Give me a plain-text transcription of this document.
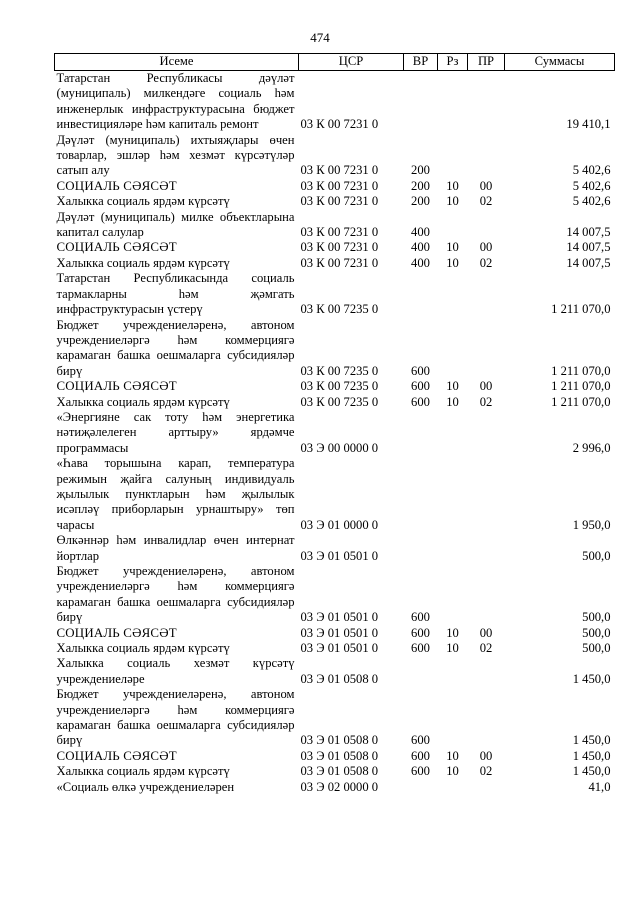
474
Исеме	ЦСР	ВР	Рз	ПР	Суммасы
Татарстан Республикасы дәүләт (муниципаль) милкендәге социаль һәм инженерлык инфраструктурасына бюджет инвестицияләре һәм капиталь ремонт	03 К 00 7231 0				19 410,1
Дәүләт (муниципаль) ихтыяҗлары өчен товарлар, эшләр һәм хезмәт күрсәтүләр сатып алу	03 К 00 7231 0	200			5 402,6
СОЦИАЛЬ СӘЯСӘТ	03 К 00 7231 0	200	10	00	5 402,6
Халыкка социаль ярдәм күрсәтү	03 К 00 7231 0	200	10	02	5 402,6
Дәүләт (муниципаль) милке объектларына капитал салулар	03 К 00 7231 0	400			14 007,5
СОЦИАЛЬ СӘЯСӘТ	03 К 00 7231 0	400	10	00	14 007,5
Халыкка социаль ярдәм күрсәтү	03 К 00 7231 0	400	10	02	14 007,5
Татарстан Республикасында социаль тармакларны һәм җәмгать инфраструктурасын үстерү	03 К 00 7235 0				1 211 070,0
Бюджет учреждениеләренә, автоном учреждениеләргә һәм коммерциягә карамаган башка оешмаларга субсидияләр бирү	03 К 00 7235 0	600			1 211 070,0
СОЦИАЛЬ СӘЯСӘТ	03 К 00 7235 0	600	10	00	1 211 070,0
Халыкка социаль ярдәм күрсәтү	03 К 00 7235 0	600	10	02	1 211 070,0
«Энергияне сак тоту һәм энергетика нәтиҗәлелеген арттыру» ярдәмче программасы	03 Э 00 0000 0				2 996,0
«Һава торышына карап, температура режимын җайга салуның индивидуаль җылылык пунктларын һәм җылылык исәпләү приборларын урнаштыру» төп чарасы	03 Э 01 0000 0				1 950,0
Өлкәннәр һәм инвалидлар өчен интернат йортлар	03 Э 01 0501 0				500,0
Бюджет учреждениеләренә, автоном учреждениеләргә һәм коммерциягә карамаган башка оешмаларга субсидияләр бирү	03 Э 01 0501 0	600			500,0
СОЦИАЛЬ СӘЯСӘТ	03 Э 01 0501 0	600	10	00	500,0
Халыкка социаль ярдәм күрсәтү	03 Э 01 0501 0	600	10	02	500,0
Халыкка социаль хезмәт күрсәтү учреждениеләре	03 Э 01 0508 0				1 450,0
Бюджет учреждениеләренә, автоном учреждениеләргә һәм коммерциягә карамаган башка оешмаларга субсидияләр бирү	03 Э 01 0508 0	600			1 450,0
СОЦИАЛЬ СӘЯСӘТ	03 Э 01 0508 0	600	10	00	1 450,0
Халыкка социаль ярдәм күрсәтү	03 Э 01 0508 0	600	10	02	1 450,0
«Социаль өлкә учреждениеләрен	03 Э 02 0000 0				41,0
